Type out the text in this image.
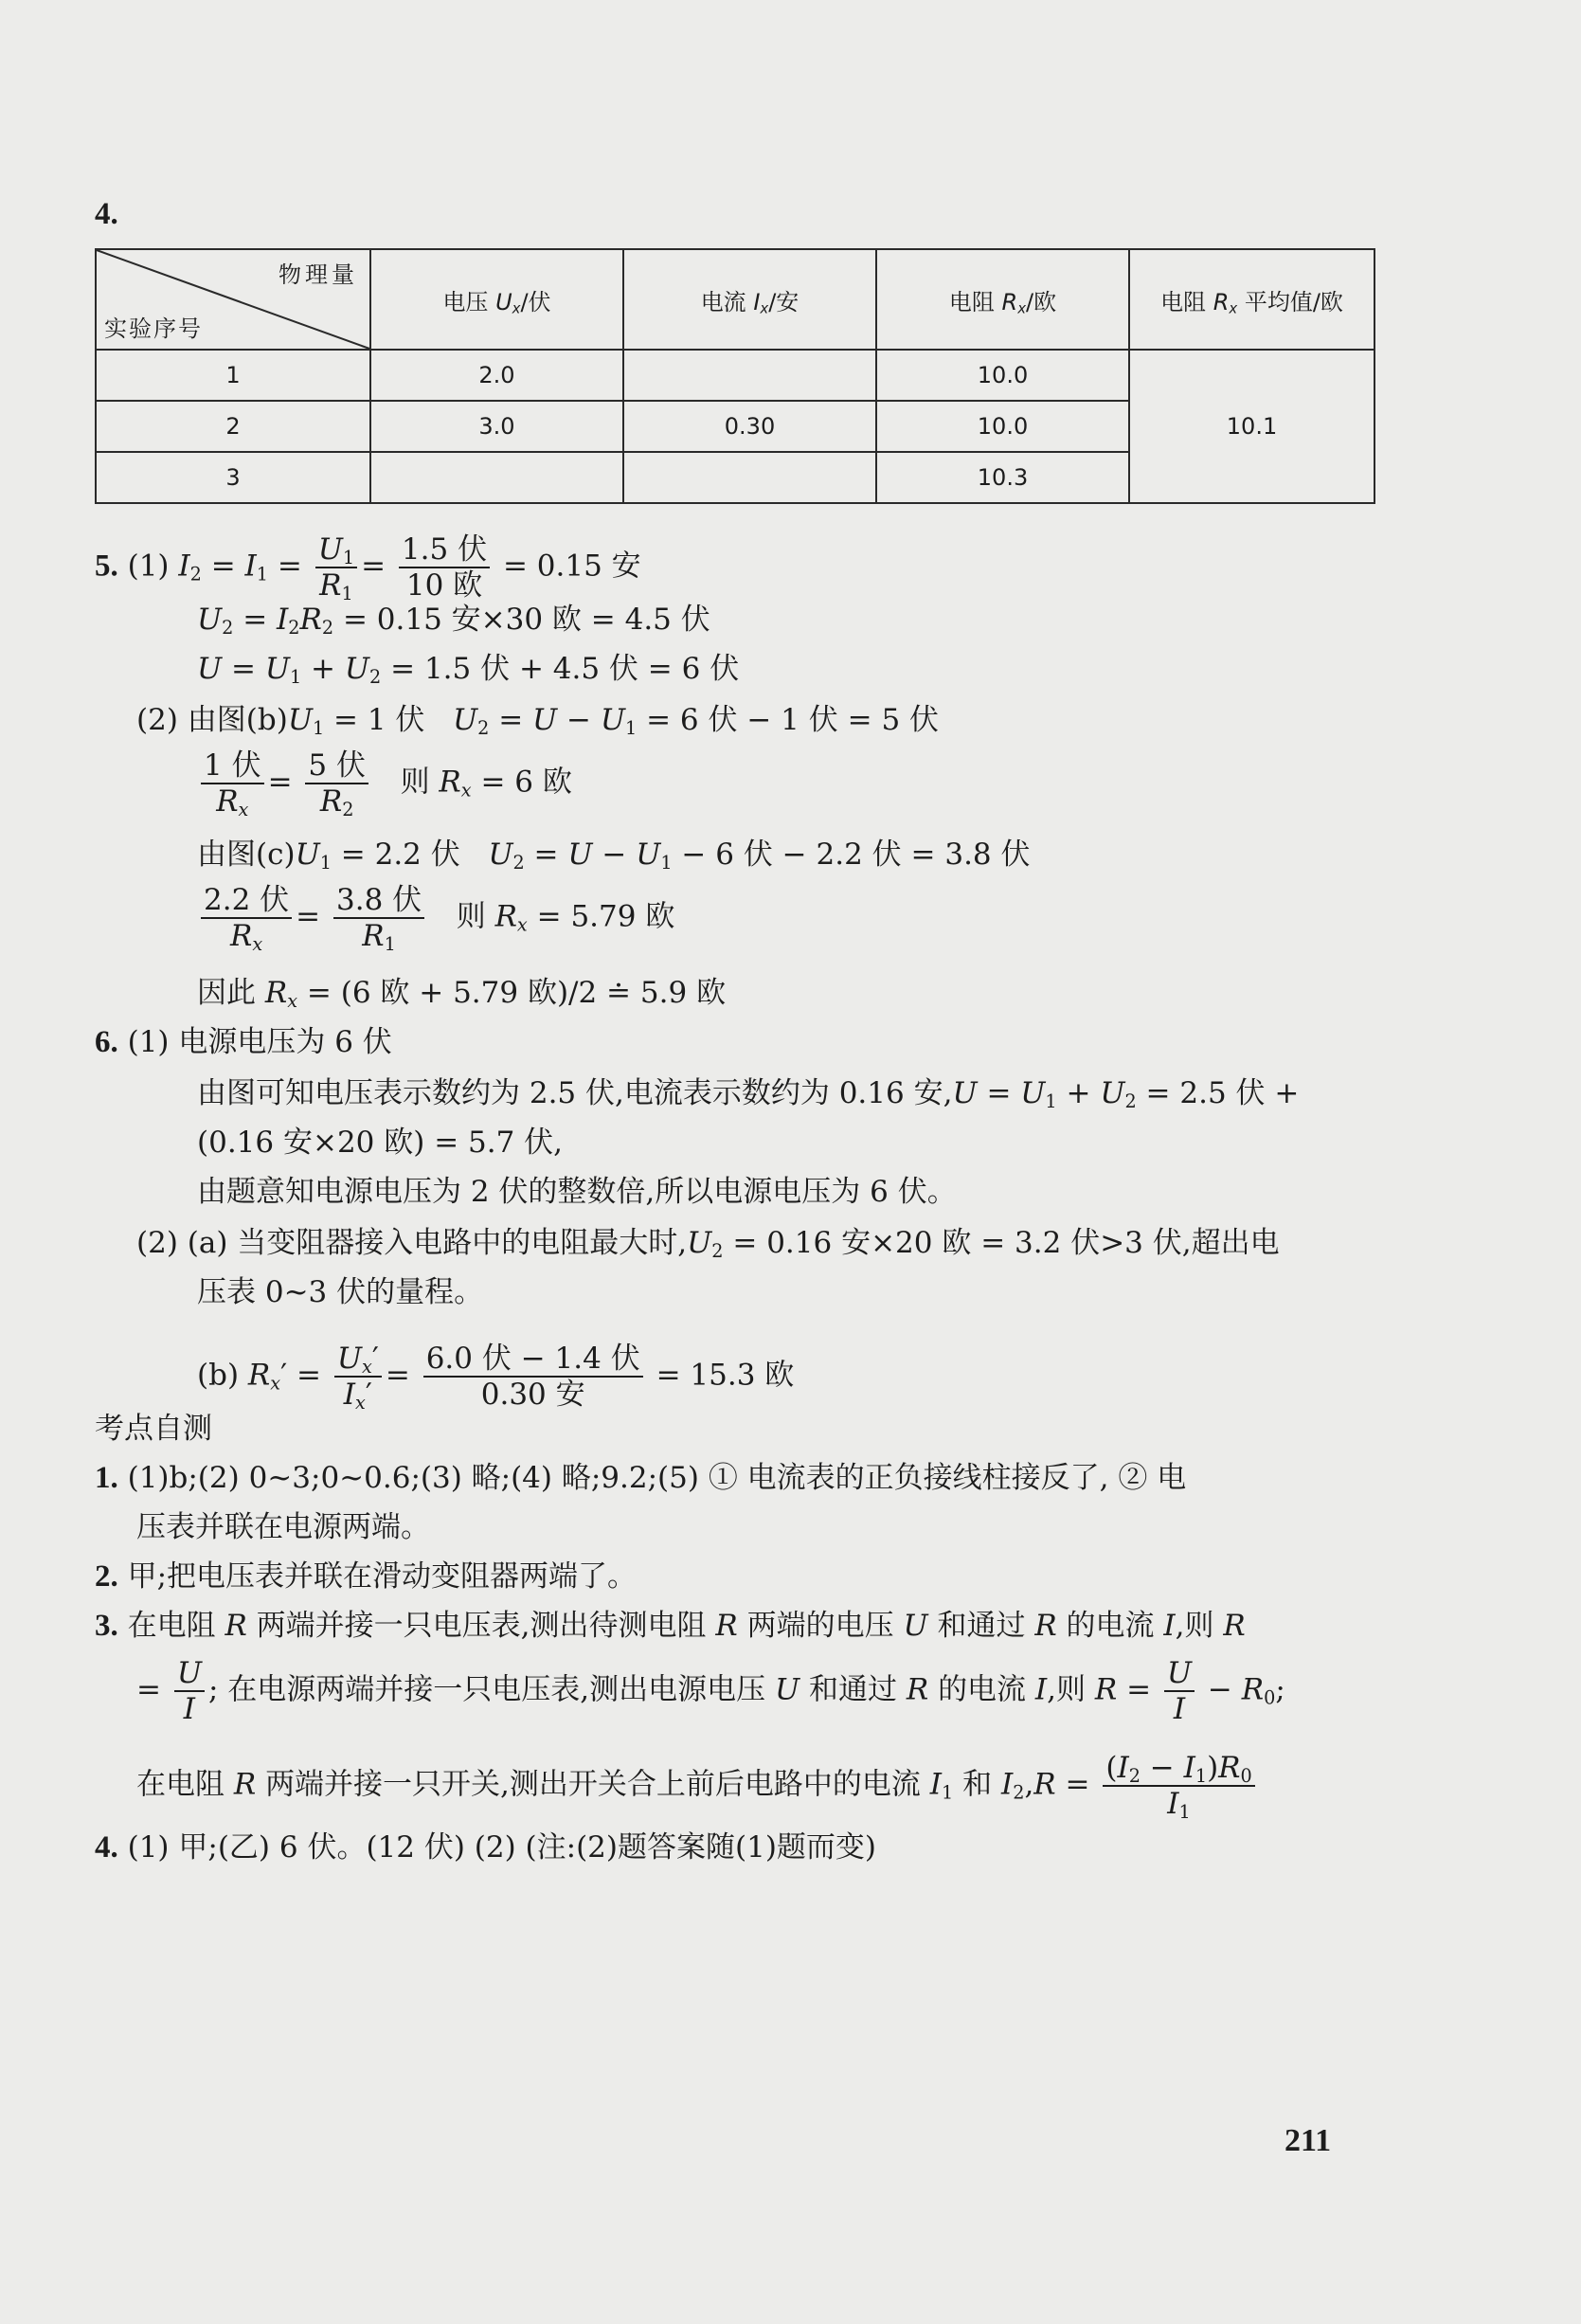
4.
物理量
实验序号	电压 $U_x/$伏	电流 $I_x/$安	电阻 $R_x/$欧	电阻 $R_x$ 平均值/欧
1	2.0		10.0	10.1
2	3.0	0.30	10.0	
3			10.3	
5. (1) $I_2 = I_1 = \frac{U_1}{R_1} = 1.5$ 伏
10 欧
= 0.15 安
$U_2 = I_2R_2 = 0.15$ 安×30 欧 = 4.5 伏
$U = U_1 + U_2 = 1.5$ 伏 + 4.5 伏 = 6 伏
(2) 由图$(b)U_1 = 1$ 伏 $U_2 = U - U_1 = 6$ 伏 − 1 伏 = 5 伏
1 伏
$R_x$
= 5 伏
$R_2$
则 $R_x = 6$ 欧
由图$(c)U_1 = 2.2$ 伏 $U_2 = U - U_1 - 6$ 伏 − 2.2 伏 = 3.8 伏
2.2 伏
$R_x$
= 3.8 伏
$R_1$
则 $R_x = 5.79$ 欧
因此 $R_x = (6$ 欧 + 5.79 欧)/2 ≐ 5.9 欧
6. (1) 电源电压为 6 伏
由图可知电压表示数约为 2.5 伏,电流表示数约为 0.16 安$,U = U_1 + U_2 = 2.5$ 伏 +
(0.16 安×20 欧) = 5.7 伏,
由题意知电源电压为 2 伏的整数倍,所以电源电压为 6 伏。
(2) (a) 当变阻器接入电路中的电阻最大时$,U_2 = 0.16$ 安×20 欧 = 3.2 伏>3 伏,超出电
压表 0~3 伏的量程。
(b) $R_x' = \frac{U_x'}{I_x'} = 6.0$ 伏 − 1.4 伏
0.30 安
= 15.3 欧
考点自测
1. (1)b;(2) 0~3;0~0.6;(3) 略;(4) 略;9.2;(5) ① 电流表的正负接线柱接反了, ② 电
压表并联在电源两端。
2. 甲;把电压表并联在滑动变阻器两端了。
3. 在电阻 R 两端并接一只电压表,测出待测电阻 R 两端的电压 U 和通过 R 的电流 I,则 R
= $\frac{U}{I}$ ; 在电源两端并接一只电压表,测出电源电压 U 和通过 R 的电流 I,则 $R = \frac{U}{I} - R_0$;
在电阻 R 两端并接一只开关,测出开关合上前后电路中的电流 $I_1$ 和 $I_2,R = \frac{(I_2 - I_1)R_0}{I_1}$
4. (1) 甲;(乙) 6 伏。(12 伏) (2) (注:(2)题答案随(1)题而变)
211
